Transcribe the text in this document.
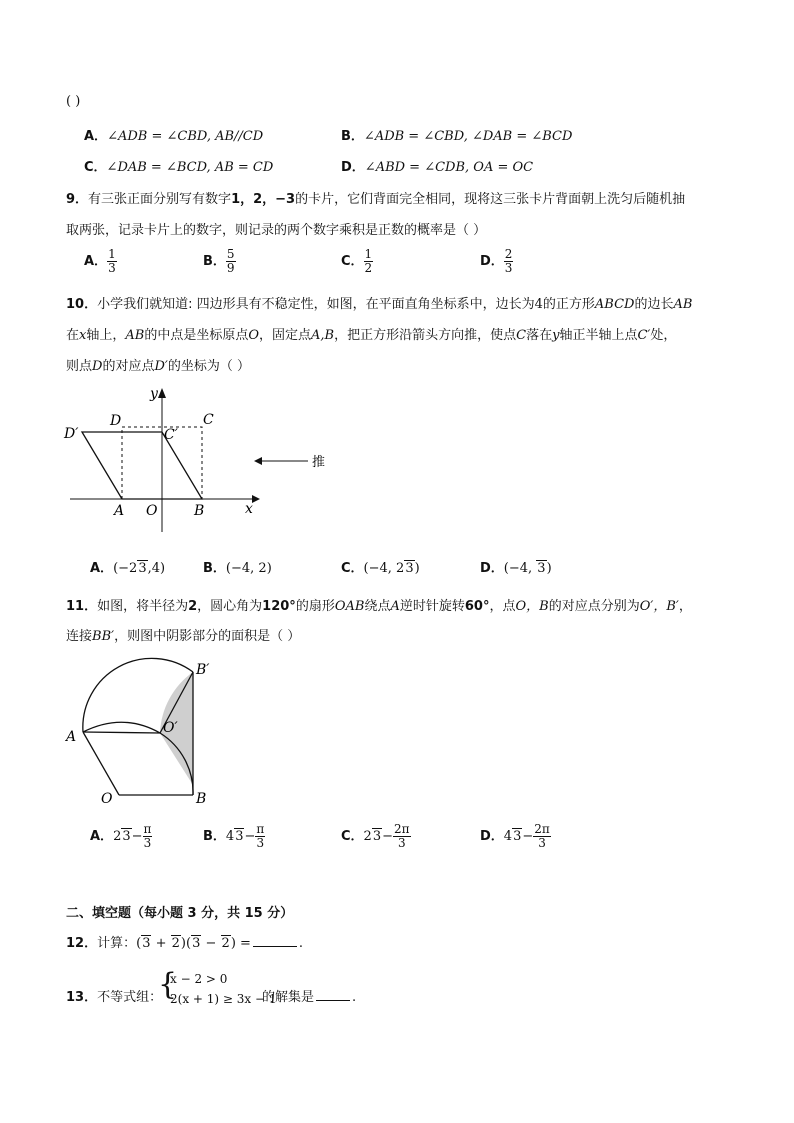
( )
A．∠ADB = ∠CBD, AB//CD	B．∠ADB = ∠CBD, ∠DAB = ∠BCD
C．∠DAB = ∠BCD, AB = CD	D．∠ABD = ∠CDB, OA = OC
9．有三张正面分别写有数字1，2，−3的卡片，它们背面完全相同，现将这三张卡片背面朝上洗匀后随机抽
取两张，记录卡片上的数字，则记录的两个数字乘积是正数的概率是（ ）
A． $\frac{1}{3}$	B． $\frac{5}{9}$	C． $\frac{1}{2}$	D． $\frac{2}{3}$
10．小学我们就知道: 四边形具有不稳定性，如图，在平面直角坐标系中，边长为4的正方形ABCD的边长AB
在x轴上，AB的中点是坐标原点O，固定点A,B，把正方形沿箭头方向推，使点C落在y轴正半轴上点C′处，
则点D的对应点D′的坐标为（ ）
y
x
D	C
D′	C′
A O	B
推
A．(−23,4)	B．(−4, 2)	C．(−4, 23)	D．(−4, 3)
11．如图，将半径为2，圆心角为120°的扇形OAB绕点A逆时针旋转60°，点O，B的对应点分别为O′，B′，
连接BB′，则图中阴影部分的面积是（ ）
B′
O′
A
O	B
A．$23- \frac{\pi}{3}$	B．$43- \frac{\pi}{3}$	C．$23- \frac{2\pi}{3}$	D．$43- \frac{2\pi}{3}$
二、填空题（每小题 3 分，共 15 分）
12．计算：(3 + 2)(3 − 2) =	.
13．不等式组：
{
x − 2 > 0
2(x + 1) ≥ 3x − 1
的解集是	.
